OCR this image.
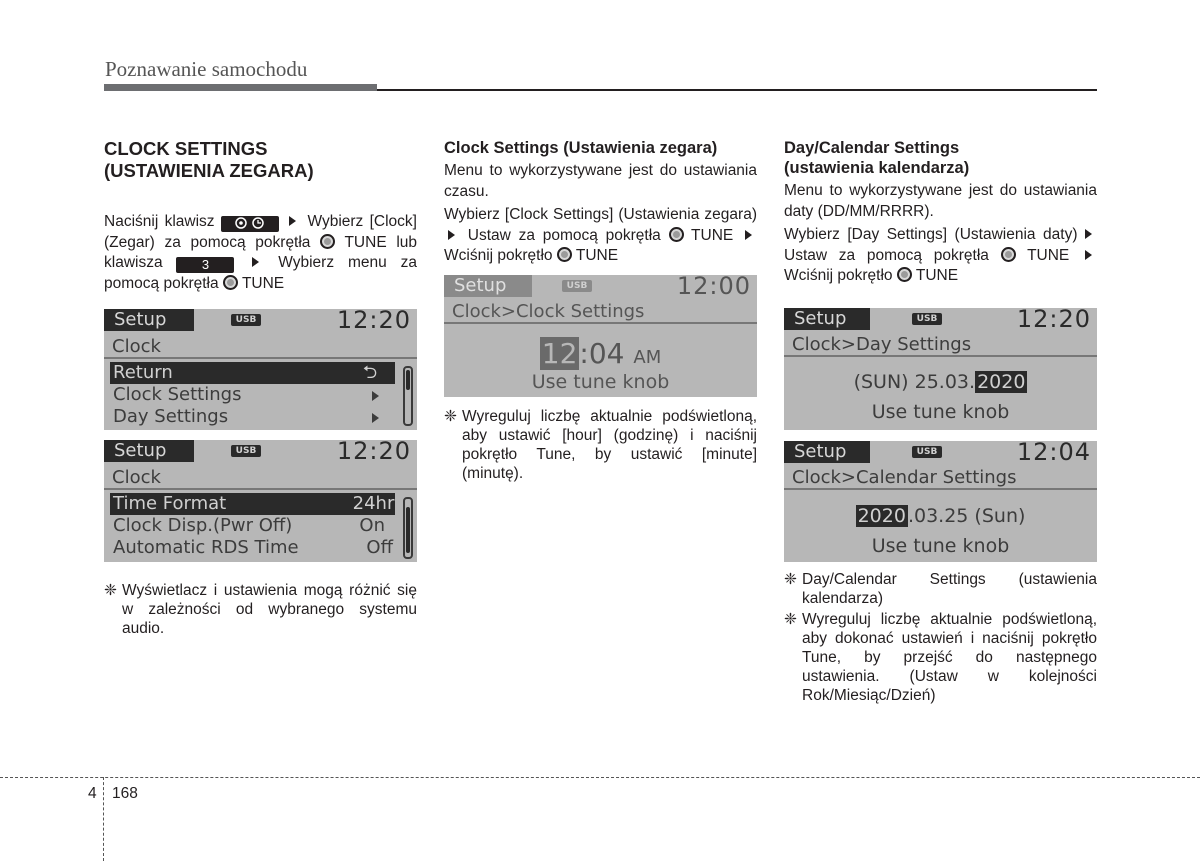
Poznawanie samochodu
CLOCK SETTINGS
(USTAWIENIA ZEGARA)
Naciśnij klawisz	Wybierz [Clock] (Zegar) za pomocą pokrętła TUNE lub klawisza	3	Wybierz menu za pomocą pokrętła TUNE
Setup	USB	12:20
Clock
Return	⮌
Clock Settings
Day Settings
Setup	USB	12:20
Clock
Time Format	24hr
Clock Disp.(Pwr Off)	On
Automatic RDS Time	Off
❈ Wyświetlacz i ustawienia mogą różnić się w zależności od wybranego systemu audio.
Clock Settings (Ustawienia zegara)
Menu to wykorzystywane jest do ustawiania czasu.
Wybierz [Clock Settings] (Ustawienia zegara)  Ustaw za pomocą pokrętła TUNE  Wciśnij pokrętło TUNE
Setup	USB	12:00
Clock>Clock Settings
12:04 AM
Use tune knob
❈ Wyreguluj liczbę aktualnie podświetloną, aby ustawić [hour] (godzinę) i naciśnij pokrętło Tune, by ustawić [minute] (minutę).
Day/Calendar Settings
(ustawienia kalendarza)
Menu to wykorzystywane jest do ustawiania daty (DD/MM/RRRR).
Wybierz [Day Settings] (Ustawienia daty)  Ustaw za pomocą pokrętła TUNE  Wciśnij pokrętło TUNE
Setup	USB	12:20
Clock>Day Settings
(SUN) 25.03. 2020
Use tune knob
Setup	USB	12:04
Clock>Calendar Settings
2020 .03.25 (Sun)
Use tune knob
❈ Day/Calendar Settings (ustawienia kalendarza)
❈ Wyreguluj liczbę aktualnie podświetloną, aby dokonać ustawień i naciśnij pokrętło Tune, by przejść do następnego ustawienia. (Ustaw w kolejności Rok/Miesiąc/Dzień)
4 168
